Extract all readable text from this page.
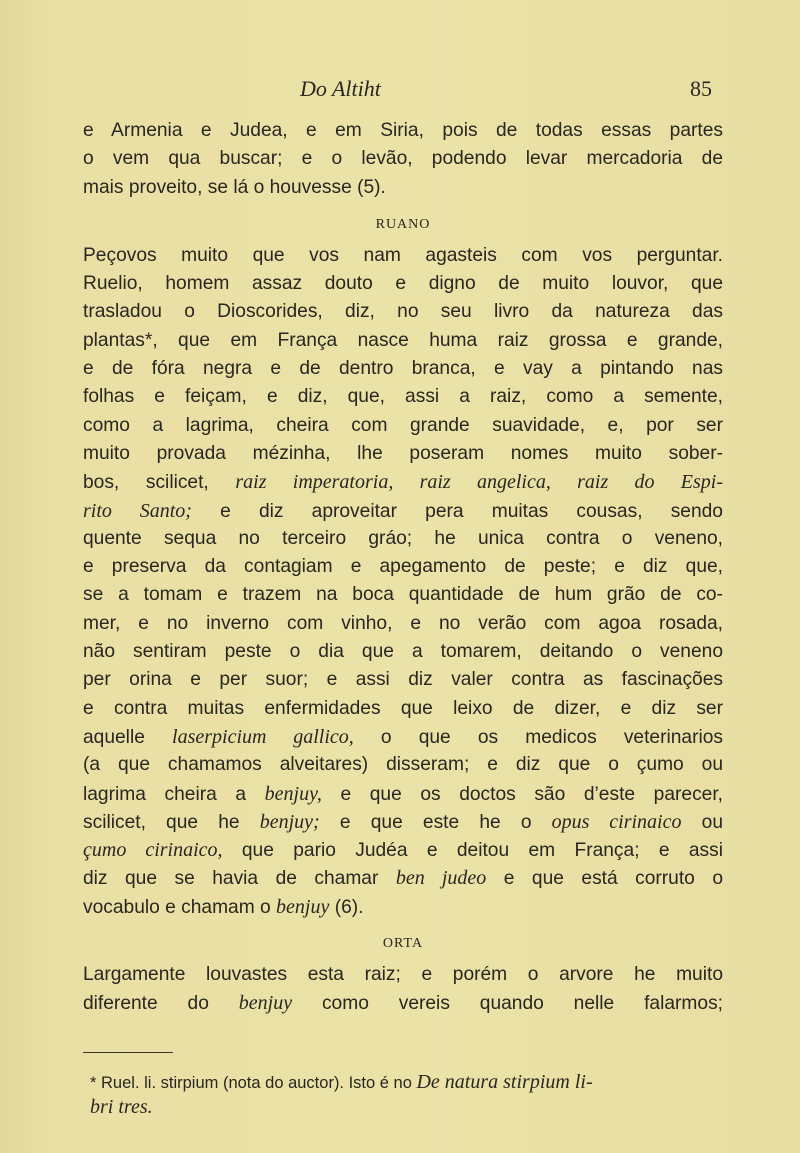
Do Altiht	85
e Armenia e Judea, e em Siria, pois de todas essas partes
o vem qua buscar; e o levão, podendo levar mercadoria de
mais proveito, se lá o houvesse (5).
RUANO
Peçovos muito que vos nam agasteis com vos perguntar.
Ruelio, homem assaz douto e digno de muito louvor, que
trasladou o Dioscorides, diz, no seu livro da natureza das
plantas*, que em França nasce huma raiz grossa e grande,
e de fóra negra e de dentro branca, e vay a pintando nas
folhas e feiçam, e diz, que, assi a raiz, como a semente,
como a lagrima, cheira com grande suavidade, e, por ser
muito provada mézinha, lhe poseram nomes muito sober-
bos, scilicet, raiz imperatoria, raiz angelica, raiz do Espi-
rito Santo; e diz aproveitar pera muitas cousas, sendo
quente sequa no terceiro gráo; he unica contra o veneno,
e preserva da contagiam e apegamento de peste; e diz que,
se a tomam e trazem na boca quantidade de hum grão de co-
mer, e no inverno com vinho, e no verão com agoa rosada,
não sentiram peste o dia que a tomarem, deitando o veneno
per orina e per suor; e assi diz valer contra as fascinações
e contra muitas enfermidades que leixo de dizer, e diz ser
aquelle laserpicium gallico, o que os medicos veterinarios
(a que chamamos alveitares) disseram; e diz que o çumo ou
lagrima cheira a benjuy, e que os doctos são d’este parecer,
scilicet, que he benjuy; e que este he o opus cirinaico ou
çumo cirinaico, que pario Judéa e deitou em França; e assi
diz que se havia de chamar ben judeo e que está corruto o
vocabulo e chamam o benjuy (6).
ORTA
Largamente louvastes esta raiz; e porém o arvore he muito
diferente do benjuy como vereis quando nelle falarmos;
* Ruel. li. stirpium (nota do auctor). Isto é no De natura stirpium li-
bri tres.
